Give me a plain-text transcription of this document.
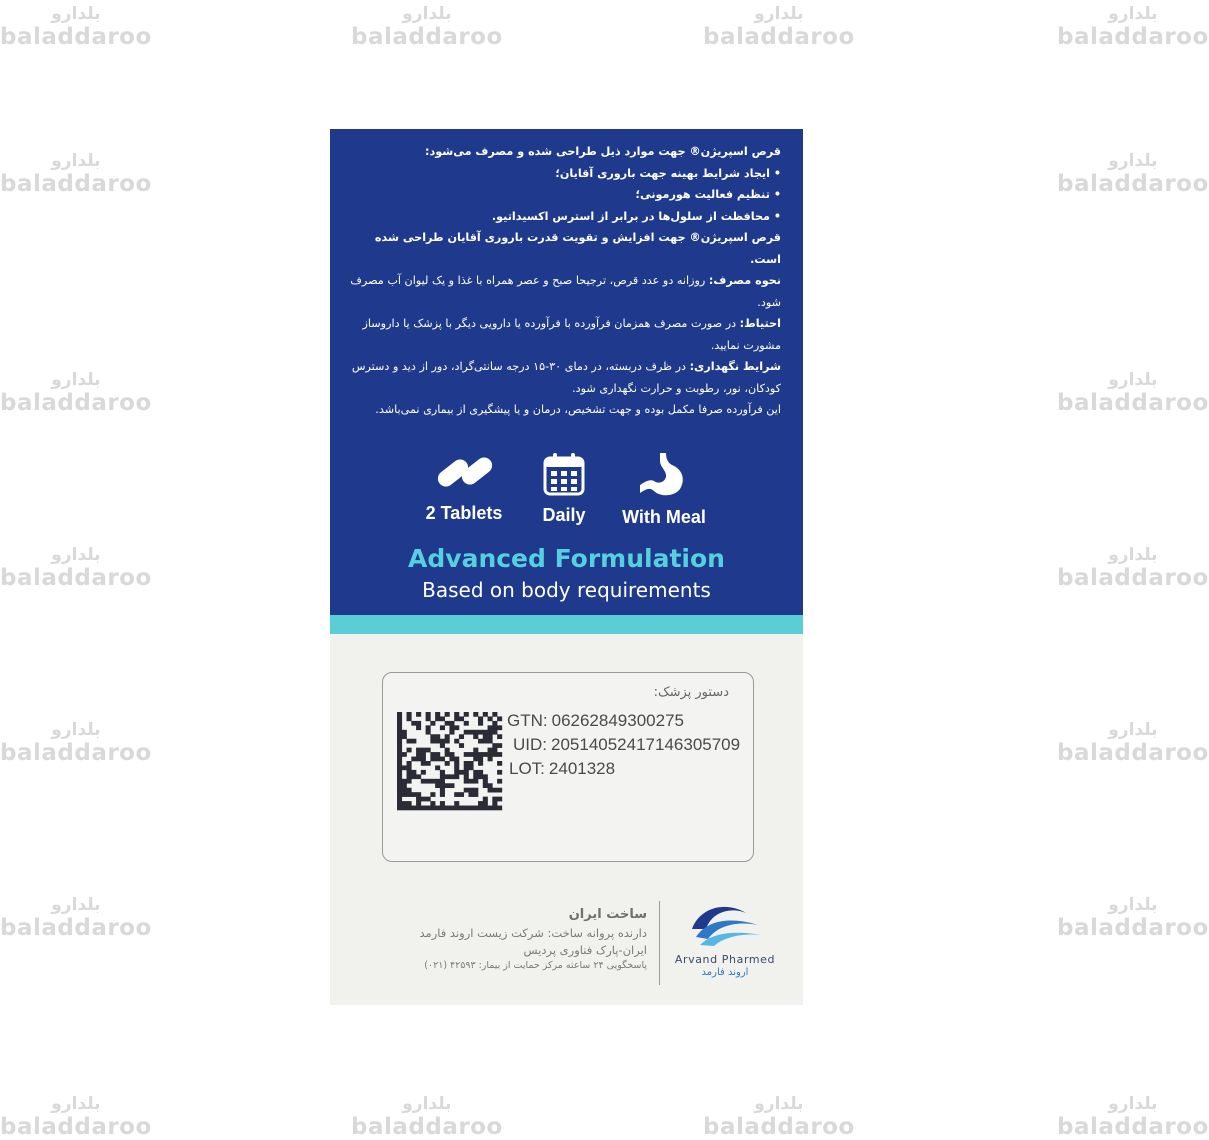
بلدارو
baladdaroo
بلدارو
baladdaroo
بلدارو
baladdaroo
بلدارو
baladdaroo
بلدارو
baladdaroo
بلدارو
baladdaroo
بلدارو
baladdaroo
بلدارو
baladdaroo
بلدارو
baladdaroo
بلدارو
baladdaroo
بلدارو
baladdaroo
بلدارو
baladdaroo
بلدارو
baladdaroo
بلدارو
baladdaroo
بلدارو
baladdaroo
بلدارو
baladdaroo
بلدارو
baladdaroo
بلدارو
baladdaroo

قرص اسپریژن® جهت موارد ذیل طراحی شده و مصرف می‌شود:

• ایجاد شرایط بهینه جهت باروری آقایان؛

• تنظیم فعالیت هورمونی؛

• محافظت از سلول‌ها در برابر از استرس اکسیداتیو.

قرص اسپریژن® جهت افزایش و تقویت قدرت باروری آقایان طراحی شده است.

نحوه مصرف: روزانه دو عدد قرص، ترجیحا صبح و عصر همراه با غذا و یک لیوان آب مصرف شود.

احتیاط: در صورت مصرف همزمان فرآورده با فرآورده یا دارویی دیگر با پزشک یا داروساز مشورت نمایید.

شرایط نگهداری: در ظرف دربسته، در دمای ۳۰-۱۵ درجه سانتی‌گراد، دور از دید و دسترس کودکان، نور، رطوبت و حرارت نگهداری شود.

این فرآورده صرفا مکمل بوده و جهت تشخیص، درمان و یا پیشگیری از بیماری نمی‌باشد.

2 Tablets	Daily	With Meal
Advanced Formulation
Based on body requirements
دستور پزشک:
GTN: 06262849300275
UID: 20514052417146305709
LOT: 2401328
ساخت ایران
دارنده پروانه ساخت: شرکت زیست اروند فارمد
ایران-پارک فناوری پردیس
پاسخگویی ۲۴ ساعته مرکز حمایت از بیمار: ۴۲۵۹۳ (۰۲۱)	Arvand Pharmed
اروند فارمد
